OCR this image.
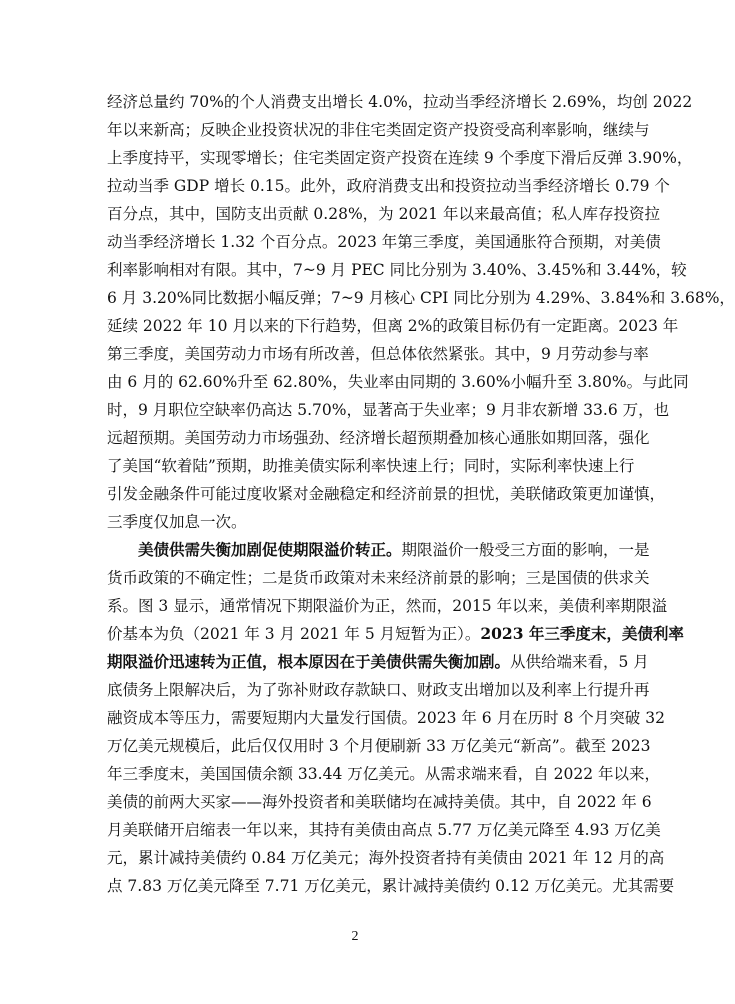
经济总量约 70%的个人消费支出增长 4.0%，拉动当季经济增长 2.69%，均创 2022
年以来新高；反映企业投资状况的非住宅类固定资产投资受高利率影响，继续与
上季度持平，实现零增长；住宅类固定资产投资在连续 9 个季度下滑后反弹 3.90%，
拉动当季 GDP 增长 0.15。此外，政府消费支出和投资拉动当季经济增长 0.79 个
百分点，其中，国防支出贡献 0.28%，为 2021 年以来最高值；私人库存投资拉
动当季经济增长 1.32 个百分点。2023 年第三季度，美国通胀符合预期，对美债
利率影响相对有限。其中，7~9 月 PEC 同比分别为 3.40%、3.45%和 3.44%，较
6 月 3.20%同比数据小幅反弹；7~9 月核心 CPI 同比分别为 4.29%、3.84%和 3.68%，
延续 2022 年 10 月以来的下行趋势，但离 2%的政策目标仍有一定距离。2023 年
第三季度，美国劳动力市场有所改善，但总体依然紧张。其中，9 月劳动参与率
由 6 月的 62.60%升至 62.80%，失业率由同期的 3.60%小幅升至 3.80%。与此同
时，9 月职位空缺率仍高达 5.70%，显著高于失业率；9 月非农新增 33.6 万，也
远超预期。美国劳动力市场强劲、经济增长超预期叠加核心通胀如期回落，强化
了美国“软着陆”预期，助推美债实际利率快速上行；同时，实际利率快速上行
引发金融条件可能过度收紧对金融稳定和经济前景的担忧，美联储政策更加谨慎，
三季度仅加息一次。
美债供需失衡加剧促使期限溢价转正。期限溢价一般受三方面的影响，一是
货币政策的不确定性；二是货币政策对未来经济前景的影响；三是国债的供求关
系。图 3 显示，通常情况下期限溢价为正，然而，2015 年以来，美债利率期限溢
价基本为负（2021 年 3 月 2021 年 5 月短暂为正）。2023 年三季度末，美债利率
期限溢价迅速转为正值，根本原因在于美债供需失衡加剧。从供给端来看，5 月
底债务上限解决后，为了弥补财政存款缺口、财政支出增加以及利率上行提升再
融资成本等压力，需要短期内大量发行国债。2023 年 6 月在历时 8 个月突破 32
万亿美元规模后，此后仅仅用时 3 个月便刷新 33 万亿美元“新高”。截至 2023
年三季度末，美国国债余额 33.44 万亿美元。从需求端来看，自 2022 年以来，
美债的前两大买家——海外投资者和美联储均在减持美债。其中，自 2022 年 6
月美联储开启缩表一年以来，其持有美债由高点 5.77 万亿美元降至 4.93 万亿美
元，累计减持美债约 0.84 万亿美元；海外投资者持有美债由 2021 年 12 月的高
点 7.83 万亿美元降至 7.71 万亿美元，累计减持美债约 0.12 万亿美元。尤其需要
2
